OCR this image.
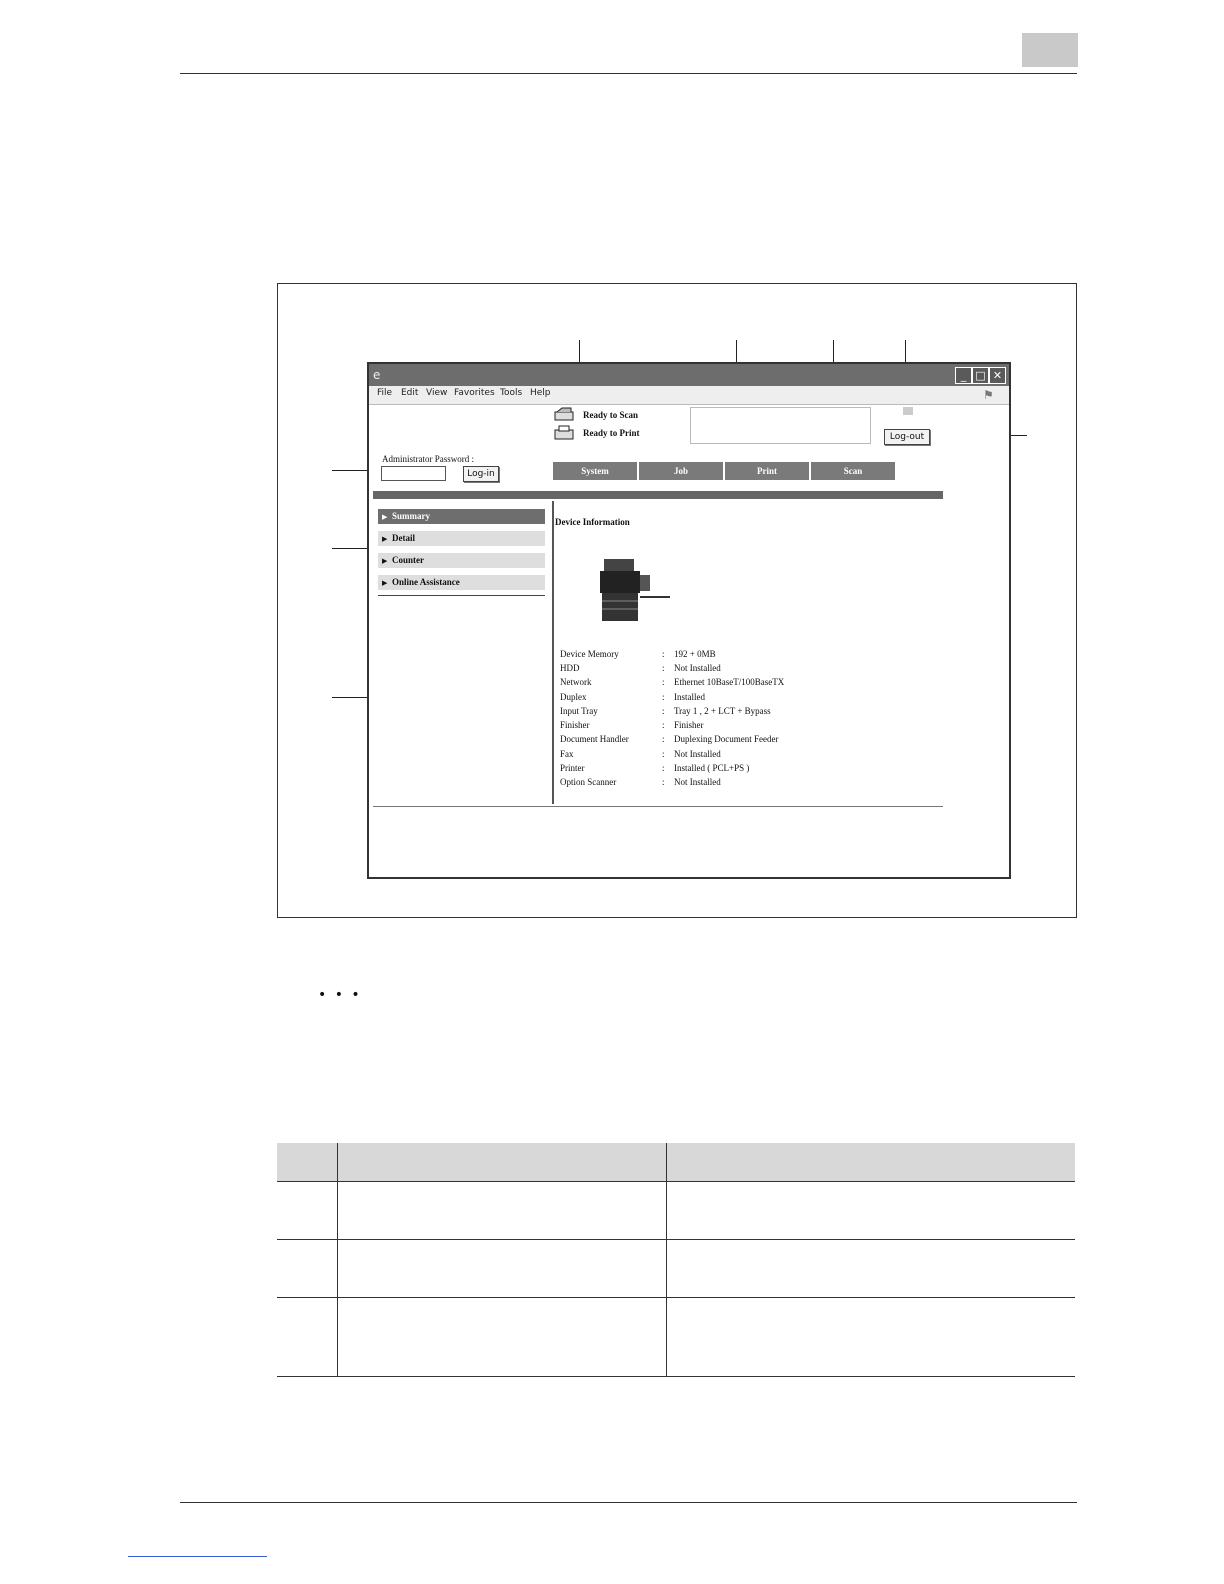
e	_ □ ✕
File Edit View Favorites Tools Help	⚑
Ready to Scan
Ready to Print	Log-out
Administrator Password :
Log-in	System	Job	Print	Scan
▶ Summary
▶ Detail
▶ Counter
▶ Online Assistance
Device Information
Device Memory	: 192 + 0MB
HDD	: Not Installed
Network	: Ethernet 10BaseT/100BaseTX
Duplex	: Installed
Input Tray	: Tray 1 , 2 + LCT + Bypass
Finisher	: Finisher
Document Handler	: Duplexing Document Feeder
Fax	: Not Installed
Printer	: Installed ( PCL+PS )
Option Scanner	: Not Installed
• • •
